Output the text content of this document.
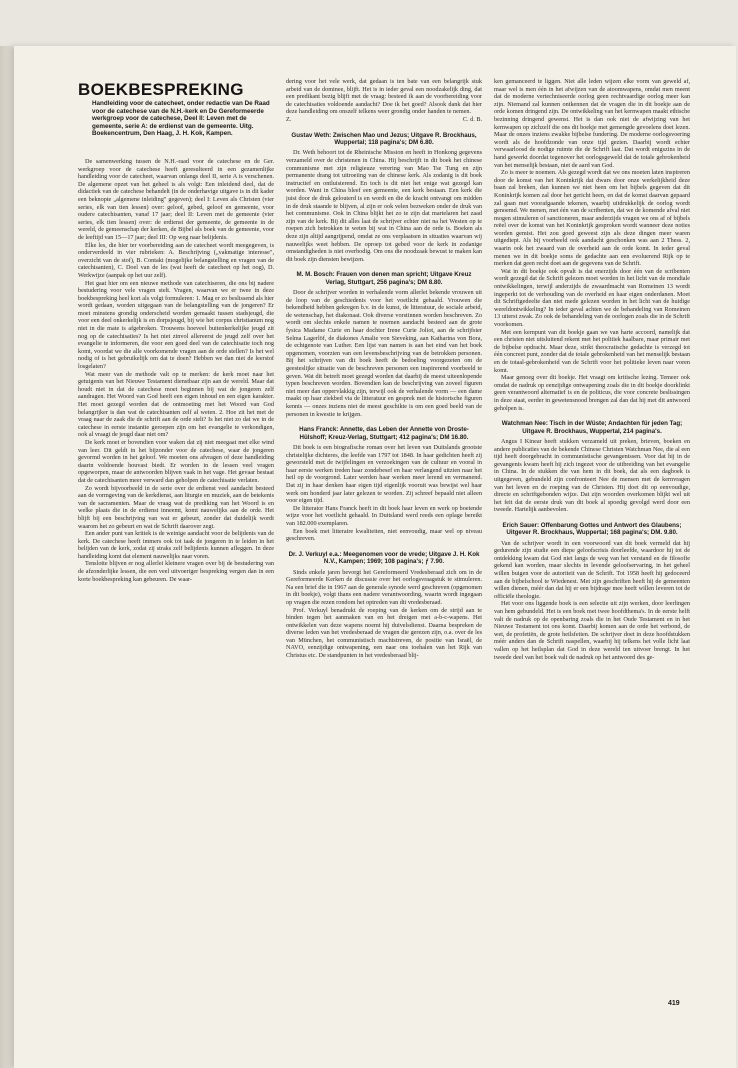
BOEKBESPREKING
Handleiding voor de catecheet, onder redactie van De Raad voor de catechese van de N.H.-kerk en De Gereformeerde werkgroep voor de catechese, Deel II: Leven met de gemeente, serie A: de erdienst van de gemeente. Uitg. Boekencentrum, Den Haag, J. H. Kok, Kampen.

De samenwerking tussen de N.H.-raad voor de catechese en de Ger. werkgroep voor de catechese heeft geresulteerd in een gezamenlijke handleiding voor de catecheet, waarvan onlangs deel II, serie A is verschenen. De algemene opzet van het geheel is als volgt: Een inleidend deel, dat de didactiek van de catechese behandelt (in de onderhavige uitgave is in dit kader een beknopte „algemene inleiding" gegeven); deel I: Leven als Christen (vier series, elk van tien lessen) over: geloof, gebed, geloof en gemeente, voor oudere catechisanten, vanaf 17 jaar; deel II: Leven met de gemeente (vier series, elk tien lessen) over: de erdienst der gemeente, de gemeente in de wereld, de gemeenschap der kerken, de Bijbel als boek van de gemeente, voor de leeftijd van 15—17 jaar; deel III: Op weg naar belijdenis.

Elke les, die hier ter voorbereiding aan de catecheet wordt meegegeven, is onderverdeeld in vier rubrieken: A. Beschrijving („vakmatige interesse", overzicht van de stof), B. Contakt (mogelijke belangstelling en vragen van de catechisanten), C. Doel van de les (wat heeft de catecheet op het oog), D. Werkwijze (aanpak op het uur zelf).

Het gaat hier om een nieuwe methode van catechiseren, die ons bij nadere bestudering voor vele vragen stelt. Vragen, waarvan we er twee in deze boekbespreking heel kort als volgt formuleren: 1. Mag er zo beslissend als hier wordt gedaan, worden uitgegaan van de belangstelling van de jongeren? Er moet minstens grondig onderscheid worden gemaakt tussen stadsjeugd, die voor een deel onkerkelijk is en dorpsjeugd, bij wie het corpus christianum nog niet in die mate is afgebroken. Trouwens hoeveel buitenkerkelijke jeugd zit nog op de catechisaties? Is het niet zinvol allereerst de jeugd zelf over het evangelie te informeren, die voor een goed deel van de catechisatie toch nog komt, voordat we die alle voorkomende vragen aan de orde stellen? Is het wel nodig of is het gebruikelijk om dat te doen? Hebben we dan niet de leerstof losgelaten?

Wat meer van de methode valt op te merken: de kerk moet naar het getuigenis van het Nieuwe Testament dienstbaar zijn aan de wereld. Maar dat houdt niet in dat de catechese moet beginnen bij wat de jongeren zelf aandragen. Het Woord van God heeft een eigen inhoud en een eigen karakter. Het moet gezegd worden dat de ontmoeting met het Woord van God belangrijker is dan wat de catechisanten zelf al weten. 2. Hoe zit het met de vraag naar de zaak die de schrift aan de orde stelt? Is het niet zo dat we in de catechese in eerste instantie geroepen zijn om het evangelie te verkondigen, ook al vraagt de jeugd daar niet om?

De kerk moet er bovendien voor waken dat zij niet meegaat met elke wind van leer. Dit geldt in het bijzonder voor de catechese, waar de jongeren gevormd worden in het geloof. We moeten ons afvragen of deze handleiding daarin voldoende houvast biedt. Er worden in de lessen veel vragen opgeworpen, maar de antwoorden blijven vaak in het vage. Het gevaar bestaat dat de catechisanten meer verward dan geholpen de catechisatie verlaten.

Zo wordt bijvoorbeeld in de serie over de erdienst veel aandacht besteed aan de vormgeving van de kerkdienst, aan liturgie en muziek, aan de betekenis van de sacramenten. Maar de vraag wat de prediking van het Woord is en welke plaats die in de erdienst inneemt, komt nauwelijks aan de orde. Het blijft bij een beschrijving van wat er gebeurt, zonder dat duidelijk wordt waarom het zo gebeurt en wat de Schrift daarover zegt.

Een ander punt van kritiek is de weinige aandacht voor de belijdenis van de kerk. De catechese heeft immers ook tot taak de jongeren in te leiden in het belijden van de kerk, zodat zij straks zelf belijdenis kunnen afleggen. In deze handleiding komt dat element nauwelijks naar voren.

Tenslotte blijven er nog allerlei kleinere vragen over bij de bestudering van de afzonderlijke lessen, die een veel uitvoeriger bespreking vergen dan in een korte boekbespreking kan gebeuren. De waar-

dering voor het vele werk, dat gedaan is ten bate van een belangrijk stuk arbeid van de dominee, blijft. Het is in ieder geval een noodzakelijk ding, dat een predikant bezig blijft met de vraag: besteed ik aan de voorbereiding voor de catechisaties voldoende aandacht? Doe ik het goed? Alsook dank dat hier deze handleiding om onszelf telkens weer grondig onder handen te nemen.

Z.	C. d. B.
Gustav Weth: Zwischen Mao und Jezus; Uitgave R. Brockhaus, Wuppertal; 118 pagina's; DM 6.80.

Dr. Weth behoort tot de Rheinische Mission en heeft in Honkong gegevens verzameld over de christenen in China. Hij beschrijft in dit boek het chinese communisme met zijn religieuze verering van Mao Tse Tung en zijn permanente drang tot uitroeiing van de chinese kerk. Als zodanig is dit boek instructief en ontluisterend. En toch is dit niet het enige wat gezegd kan worden. Want in China bleef een gemeente, een kerk bestaan. Een kerk die juist door de druk gelouterd is en wordt en die de kracht ontvangt om midden in de druk staande te blijven, al zijn er ook velen bezweken onder de druk van het communisme. Ook in China blijkt het zo te zijn dat martelaren het zaad zijn van de kerk. Bij dit alles laat de schrijver echter niet na het Westen op te roepen zich betrokken te weten bij wat in China aan de orde is. Boeken als deze zijn altijd aangrijpend, omdat ze ons verplaatsen in situaties waarvan wij nauwelijks weet hebben. De oproep tot gebed voor de kerk in zodanige omstandigheden is niet overbodig. Om ons die noodzaak bewust te maken kan dit boek zijn diensten bewijzen.

M. M. Bosch: Frauen von denen man spricht; Uitgave Kreuz Verlag, Stuttgart, 256 pagina's; DM 8.80.

Door de schrijver worden in verhalende vorm allerlei bekende vrouwen uit de loop van de geschiedenis voor het voetlicht gehaald. Vrouwen die bekendheid hebben gekregen b.v. in de kunst, de litteratuur, de sociale arbeid, de wetenschap, het diakonaat. Ook diverse vorstinnen worden beschreven. Zo wordt om slechts enkele namen te noemen aandacht besteed aan de grote fysica Madame Curie en haar dochter Irene Curie Joliot, aan de schrijfster Selma Lagerlöf, de diakones Amalie von Sieveking, aan Katharina von Bora, de echtgenote van Luther. Een lijst van namen is aan het eind van het boek opgenomen, voorzien van een levensbeschrijving van de betrokken personen. Bij het schrijven van dit boek heeft de bedoeling voorgezeten om de geesteslijke situatie van de beschreven personen een inspirerend voorbeeld te geven. Wat dit betreft moet gezegd worden dat daarbij de meest uiteenlopende typen beschreven worden. Bovendien kan de beschrijving van zoveel figuren niet meer dan oppervlakkig zijn, terwijl ook de verhalende vorm — een dame maakt op haar ziekbed via de litteratuur en gesprek met de historische figuren kennis — onzes inziens niet de meest geschikte is om een goed beeld van de personen in kwestie te krijgen.

Hans Franck: Annette, das Leben der Annette von Droste-Hülshoff; Kreuz-Verlag, Stuttgart; 412 pagina's; DM 16.80.

Dit boek is een biografische roman over het leven van Duitslands grootste christelijke dichteres, die leefde van 1797 tot 1848. In haar gedichten heeft zij geworsteld met de twijfelingen en verzoekingen van de cultuur en vooral in haar eerste werken treden haar zondebesef en haar verlangend uitzien naar het heil op de voorgrond. Later werden haar werken meer lerend en vermanend. Dat zij in haar denken haar eigen tijd eigenlijk vooruit was bewijst wel haar werk om honderd jaar later gelezen te worden. Zij schreef bepaald niet alleen voor eigen tijd.

De litterator Hans Franck heeft in dit boek haar leven en werk op boeiende wijze voor het voetlicht gehaald. In Duitsland werd reeds een oplage bereikt van 182.000 exemplaren.

Een boek met litteraire kwaliteiten, niet eenvoudig, maar wel op niveau geschreven.

Dr. J. Verkuyl e.a.: Meegenomen voor de vrede; Uitgave J. H. Kok N.V., Kampen; 1969; 108 pagina's; ƒ 7.90.

Sinds enkele jaren bevorgt het Gereformeerd Vredesberaad zich om in de Gereformeerde Kerken de discussie over het oorlogsvraagstuk te stimuleren. Na een brief die in 1967 aan de generale synode werd geschreven (opgenomen in dit boekje), volgt thans een nadere verantwoording, waarin wordt ingegaan op vragen die rezen rondom het optreden van dit vredesberaad.

Prof. Verkuyl benadrukt de roeping van de kerken om de strijd aan te binden tegen het aanmaken van en het dreigen met a-b-c-wapens. Het ontwikkelen van deze wapens noemt hij duivelsdienst. Daarna bespreken de diverse leden van het vredesberaad de vragen die gerezen zijn, o.a. over de les van München, het communistisch machtstreven, de positie van Israël, de NAVO, eenzijdige ontwapening, een naar ons toehalen van het Rijk van Christus etc. De standpunten in het vredesberaad blij-

ken gemanceerd te liggen. Niet alle leden wijzen elke vorm van geweld af, maar wel is men één in het afwijzen van de atoomwapens, omdat men meent dat de moderne vertechniseerde oorlog geen rechtvaardige oorlog meer kan zijn. Niemand zal kunnen ontkennen dat de vragen die in dit boekje aan de orde komen dringend zijn. De ontwikkeling van het kernwapen maakt ethische bezinning dringend gewenst. Het is dan ook niet de afwijzing van het kernwapen op zichzelf die ons dit boekje met gemengde gevoelens doet lezen. Maar de onzes inziens zwakke bijbelse fundering. De moderne oorlogsvoering wordt als de hoofdzonde van onze tijd gezien. Daarbij wordt echter verwaarloosd de nodige ruimte die de Schrift laat. Dat wordt enigszins in de hand gewerkt doordat tegenover het oorlogsgeweld dat de totale gebrokenheid van het menselijk bestaan, niet de aard van God.

Zo is meer te noemen. Als gezegd wordt dat we ons moeten laten inspireren door de komst van het Koninkrijk dat dwars door onze werkelijkheid deze baan zal breken, dan kunnen we niet heen om het bijbels gegeven dat dit Koninkrijk komen zal door het gericht heen, en dat de komst daarvan gepaard zal gaan met voorafgaande tekenen, waarbij uitdrukkelijk de oorlog wordt genoemd. We menen, met één van de scribenten, dat we de komende afval niet mogen stimuleren of sanctioneren, maar anderzijds vragen we ons af of bijbels reëel over de komst van het Koninkrijk gesproken wordt wanneer deze noties worden gemist. Het zou goed geweest zijn als deze dingen meer waren uitgediept. Als bij voorbeeld ook aandacht geschonken was aan 2 Thess. 2, waarin ook het zwaard van de overheid aan de orde komt. In ieder geval menen we in dit boekje soms de gedachte aan een evoluerend Rijk op te merken dat geen recht doet aan de gegevens van de Schrift.

Wat in dit boekje ook opvalt is dat enerzijds door één van de scribenten wordt gezegd dat de Schrift gelezen moet worden in het licht van de mondiale ontwikkelingen, terwijl anderzijds de zwaardmacht van Romeinen 13 wordt ingeperkt tot de verhouding van de overheid en haar eigen onderdanen. Moet dit Schriftgedeelte dan niet mede gelezen worden in het licht van de huidige wereldontwikkeling? In ieder geval achten we de behandeling van Romeinen 13 uiterst zwak. Zo ook de behandeling van de oorlogen zoals die in de Schrift voorkomen.

Met een kernpunt van dit boekje gaan we van harte accoord, namelijk dat een christen niet uitsluitend rekent met het politiek haalbare, maar primair met de bijbelse opdracht. Maar deze, strikt theocratische gedachte is verzegd tot één concreet punt, zonder dat de totale gebrokenheid van het menselijk bestaan en de totaal-gebrokenheid van de Schrift voor het politieke leven naar voren komt.

Maar genoeg over dit boekje. Het vraagt om kritische lezing. Temeer ook omdat de nadruk op eenzijdige ontwapening zoals die in dit boekje doorklinkt geen verantwoord alternatief is en de politicus, die voor concrete beslissingen in deze staat, eerder in gewetensnood brengen zal dan dat hij met dit antwoord geholpen is.

Watchman Nee: Tisch in der Wüste; Andachten für jeden Tag; Uitgave R. Brockhaus, Wuppertal, 214 pagina's.

Angus I Kinear heeft stukken verzameld uit preken, brieven, boeken en andere publicaties van de bekende Chinese Christen Watchman Nee, die al een tijd heeft doorgebracht in communistische gevangenissen. Voor dat hij in de gevangenis kwam heeft hij zich ingezet voor de uitbreiding van het evangelie in China. In de stukken die van hem in dit boek, dat als een dagboek is uitgegeven, gebundeld zijn confronteert Nee de mensen met de kernvragen van het leven en de roeping van de Christen. Hij doet dit op eenvoudige, directe en schriftgebonden wijze. Dat zijn woorden overkomen blijkt wel uit het feit dat de eerste druk van dit boek al spoedig gevolgd werd door een tweede. Hartelijk aanbevolen.

Erich Sauer: Offenbarung Gottes und Antwort des Glaubens; Uitgever R. Brockhaus, Wuppertal; 168 pagina's; DM. 9.80.

Van de schrijver wordt in een voorwoord van dit boek vermeld dat hij gedurende zijn studie een diepe geloofscrisis doorleefde, waardoor hij tot de ontdekking kwam dat God niet langs de weg van het verstand en de filosofie gekend kan worden, maar slechts in levende geloofservaring, in het geheel willen buigen voor de autoriteit van de Schrift. Tot 1958 heeft hij gedoceerd aan de bijbelschool te Wiedenest. Met zijn geschriften heeft hij de gemeenten willen dienen, méér dan dat hij er een bijdrage mee heeft willen leveren tot de officiële theologie.

Het voor ons liggende boek is een selectie uit zijn werken, door leerlingen van hem gebundeld. Het is een boek met twee hoofdthema's. In de eerste helft valt de nadruk op de openbaring zoals die in het Oude Testament en in het Nieuwe Testament tot ons komt. Daarbij komen aan de orde het verbond, de wet, de profetiën, de grote heilsfeiten. De schrijver doet in deze hoofdstukken méér anders dan de Schrift naspellen, waarbij hij telkens het volle licht laat vallen op het heilsplan dat God in deze wereld ten uitvoer brengt. In het tweede deel van het boek valt de nadruk op het antwoord des ge-

419
